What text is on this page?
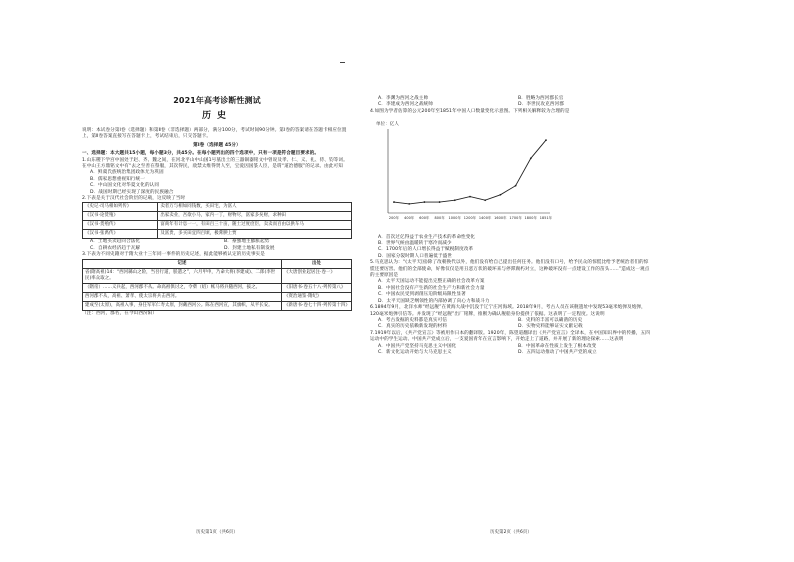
2021年高考诊断性测试
历史

说明：本试卷分第Ⅰ卷（选择题）和第Ⅱ卷（非选择题）两部分，满分100分，考试时间90分钟。第Ⅰ卷的答案请在答题卡相应位置上，第Ⅱ卷答案直接写在答题卡上，考试结束后，只交答题卡。

第Ⅰ卷（选择题 45分）

一、选择题：本大题共15小题，每小题3分，共45分。在每小题列出的四个选项中，只有一项是符合题目要求的。

1.山东稷下学宫中国处于赵、齐、魏之间，在河北平山中山国1号墓出土的三器铜器铭文中曾说及孝、仁、义、礼、侍、钧等词。在中山王方鼎铭文中有“去之至善在祭服，其次得民，敌禁太维得贤人至，宝爱因国篆人臣，是谓“道治德服”的记录。由此可知

A．鲜虞氏族统治集团政体尤为巩固

B．儒家思想重视知行统一

C．中山国文化对华夏文化的认同

D．战国时期已经实现了深度的民族融合

2.下表是关于汉代社会阶层的记载，这反映了当时

《史记·司马相如列传》	卖者万与相如同钱数，买田宅，为富人
《汉书·论货殖》	出家卖业，吾欲小马，家内一丁，财物尽，富家多矣财，求种田
《汉书·货殖传》	富商年有计息一一，有田百三十亩，随土过度庶臣，卖卖而百由以供车马
《汉书·张禹传》	及富贵，多买田宜四百顷，极膏腴上贾

A．土地买卖趋向合法化	B．豪强地主膨胀起势

C．自耕农经济趋于瓦解	D．封建土地私有制发展

3.下表为不同史籍对于隋大业十三年同一事件的历史记述，据此能够被认定的历史事实是

记述	出处
省(隋高祖)14：“西河縣山之险，当吾行道，朕遣之”，六月甲申，乃命大将(李建成)、二郎(李世民)率众取之。	《大唐创业起居注·卷一》
（隋帝）……义兵起，西河郡不从。命高祖俱讨之，令柴（绍）帐马将兵随西河，拔之。	《旧唐书·卷五十八·列传第八》
西河郡不从，高祖、萧孝、使太宗将兵击西河。	《资治通鉴·隋纪》
建成至(太原)，高祖入事，身任军军仁寿太原，封戴西河公。陈在西河宣，其旗帜，从平长安。	《新唐书·卷七十四·列传第十四》

（注：西河，郡名，在今山西汾阳）

历史第1页（共6页）

A．李渊为西河之战主帅	B．胜略为西河郡长官

C．李建成为西河之战统帅	D．李世民攻克西河郡

4.如图为学者估算的公元200年至1851年中国人口数量变化示意图。下列相关解释较为合理的是

单位：亿人
200年 400年 600年 800年 1000年 1200年 1400年 1600年 1700年 1800年 1851年

A．首次过亿得益于农业生产技术的革命性变化

B．世界气候由温暖转于寒冷而减少

C．1700年后的人口增长得益于赋税制度改革

D．国家分裂时期人口普遍低于盛世

5.马克思认为：“(太平天国)除了改朝换代以外，他们没有给自己提出任何任务。他们没有口号，给予民众的惊慌比给予老统治者们的惊慌还要厉害。他们的全部使命，好像仅仅是用丑恶万状的破坏来与停滞腐朽对立，这种破坏没有一点建设工作的苗头……”造成这一观点的主要原因是

A．太平天国运动不能提出完整正确的社会改革方案

B．中国社会没有产生新的社会生产力和新社会力量

C．中国农民受到剥削压迫阶级局限性显著

D．太平天国缺乏纲领性的内部协调了向心力和战斗力

6.1894年9月，北洋水师“经远舰”在黄海大战中沉没于辽宁庄河海域。2018年9月，考古人员在该舰遗址中发现53毫米炮弹及炮弹，120毫米炮弹引信等。并发现了“经远舰”出厂铭牌，推断为确认舰船身份提供了依据。这表明了一定程度。这说明

A．考古发掘的史料都是真实可信	B．史料的丰富可以确凿的历史

C．真实的历史依赖新发现的材料	D．实物史料能够证实文献记载

7.1919年以后，《共产党宣言》等被用作日本的翻译版。1920年，陈望道翻译出《共产党宣言》全译本，在中国知识界中的传播，五四运动中的学生运动、中国共产党成立后，一支爱国青年在宣言影响下，开始走上了道路，并开展了新的理论探索……这表明

A．中国共产党坚持马克思主义中国化	B．中国革命在性质上发生了根本改变

C．新文化运动开始与大马克思主义	D．五四运动推动了中国共产党的成立

历史第2页（共6页）
